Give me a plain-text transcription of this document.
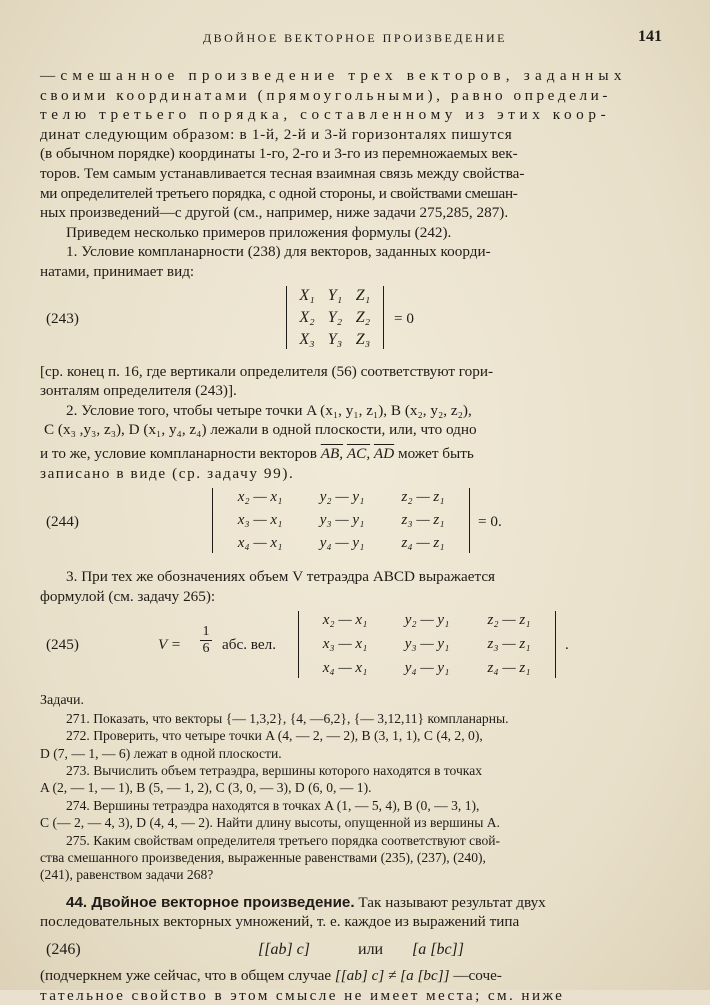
ДВОЙНОЕ ВЕКТОРНОЕ ПРОИЗВЕДЕНИЕ	141

—смешанное произведение трех векторов, заданных

своими координатами (прямоугольными), равно определи-

телю третьего порядка, составленному из этих коор-

динат следующим образом: в 1-й, 2-й и 3-й горизонталях пишутся

(в обычном порядке) координаты 1-го, 2-го и 3-го из перемножаемых век-

торов. Тем самым устанавливается тесная взаимная связь между свойства-

ми определителей третьего порядка, с одной стороны, и свойствами смешан-

ных произведений—с другой (см., например, ниже задачи 275,285, 287).

Приведем несколько примеров приложения формулы (242).

1. Условие компланарности (238) для векторов, заданных коорди-

натами, принимает вид:

(243)
X₁ Y₁ Z₁
X₂ Y₂ Z₂
X₃ Y₃ Z₃
= 0

[ср. конец п. 16, где вертикали определителя (56) соответствуют гори-

зонталям определителя (243)].

2. Условие того, чтобы четыре точки A (x₁, y₁, z₁), B (x₂, y₂, z₂),

C (x₃ ,y₃, z₃), D (x₁, y₄, z₄) лежали в одной плоскости, или, что одно

и то же, условие компланарности векторов AB, AC, $\overline{AD}$ может быть

записано в виде (ср. задачу 99).

(244)
x₂ — x₁	y₂ — y₁	z₂ — z₁
x₃ — x₁	y₃ — y₁	z₃ — z₁
x₄ — x₁	y₄ — y₁	z₄ — z₁
= 0.

3. При тех же обозначениях объем V тетраэдра ABCD выражается

формулой (см. задачу 265):

(245)	$V = \frac{1}{6}$ абс. вел.
x₂ — x₁	y₂ — y₁	z₂ — z₁
x₃ — x₁	y₃ — y₁	z₃ — z₁
x₄ — x₁	y₄ — y₁	z₄ — z₁
.

Задачи.

271. Показать, что векторы {— 1,3,2}, {4, —6,2}, {— 3,12,11} компланарны.

272. Проверить, что четыре точки A (4, — 2, — 2), B (3, 1, 1), C (4, 2, 0),

D (7, — 1, — 6) лежат в одной плоскости.

273. Вычислить объем тетраэдра, вершины которого находятся в точках

A (2, — 1, — 1), B (5, — 1, 2), C (3, 0, — 3), D (6, 0, — 1).

274. Вершины тетраэдра находятся в точках A (1, — 5, 4), B (0, — 3, 1),

C (— 2, — 4, 3), D (4, 4, — 2). Найти длину высоты, опущенной из вершины A.

275. Каким свойствам определителя третьего порядка соответствуют свой-

ства смешанного произведения, выраженные равенствами (235), (237), (240),

(241), равенством задачи 268?

44. Двойное векторное произведение. Так называют результат двух

последовательных векторных умножений, т. е. каждое из выражений типа

(246)	[[ab] c]	или [a [bc]]

(подчеркнем уже сейчас, что в общем случае [[ab] c] ≠ [a [bc]] —соче-

тательное свойство в этом смысле не имеет места; см. ниже
